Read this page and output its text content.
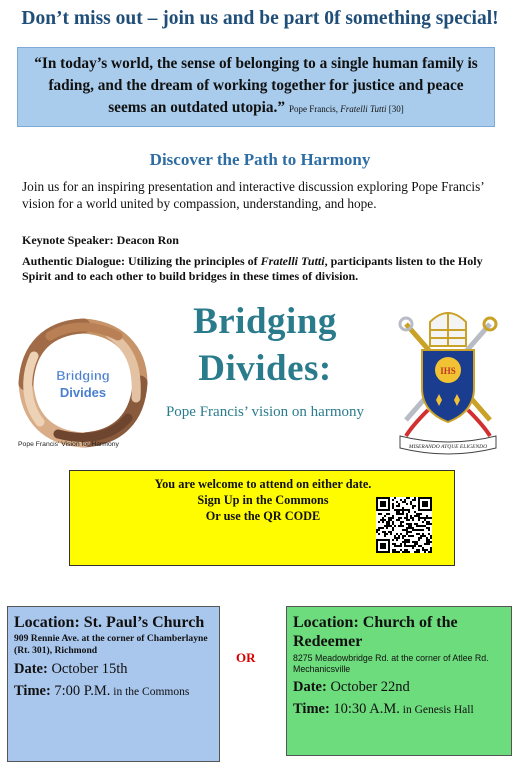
Don’t miss out – join us and be part 0f something special!
“In today’s world, the sense of belonging to a single human family is fading, and the dream of working together for justice and peace seems an outdated utopia.” Pope Francis, Fratelli Tutti [30]
Discover the Path to Harmony
Join us for an inspiring presentation and interactive discussion exploring Pope Francis’ vision for a world united by compassion, understanding, and hope.
Keynote Speaker: Deacon Ron
Authentic Dialogue: Utilizing the principles of Fratelli Tutti, participants listen to the Holy Spirit and to each other to build bridges in these times of division.
Bridging
Divides
Pope Francis' Vision for Harmony
Bridging
Divides:
Pope Francis’ vision on harmony
IHS
MISERANDO ATQUE ELIGENDO
You are welcome to attend on either date.
Sign Up in the Commons
Or use the QR CODE
Location: St. Paul’s Church
909 Rennie Ave. at the corner of Chamberlayne (Rt. 301), Richmond
Date: October 15th
Time: 7:00 P.M. in the Commons
OR
Location: Church of the Redeemer
8275 Meadowbridge Rd. at the corner of Atlee Rd. Mechanicsville
Date: October 22nd
Time: 10:30 A.M. in Genesis Hall
